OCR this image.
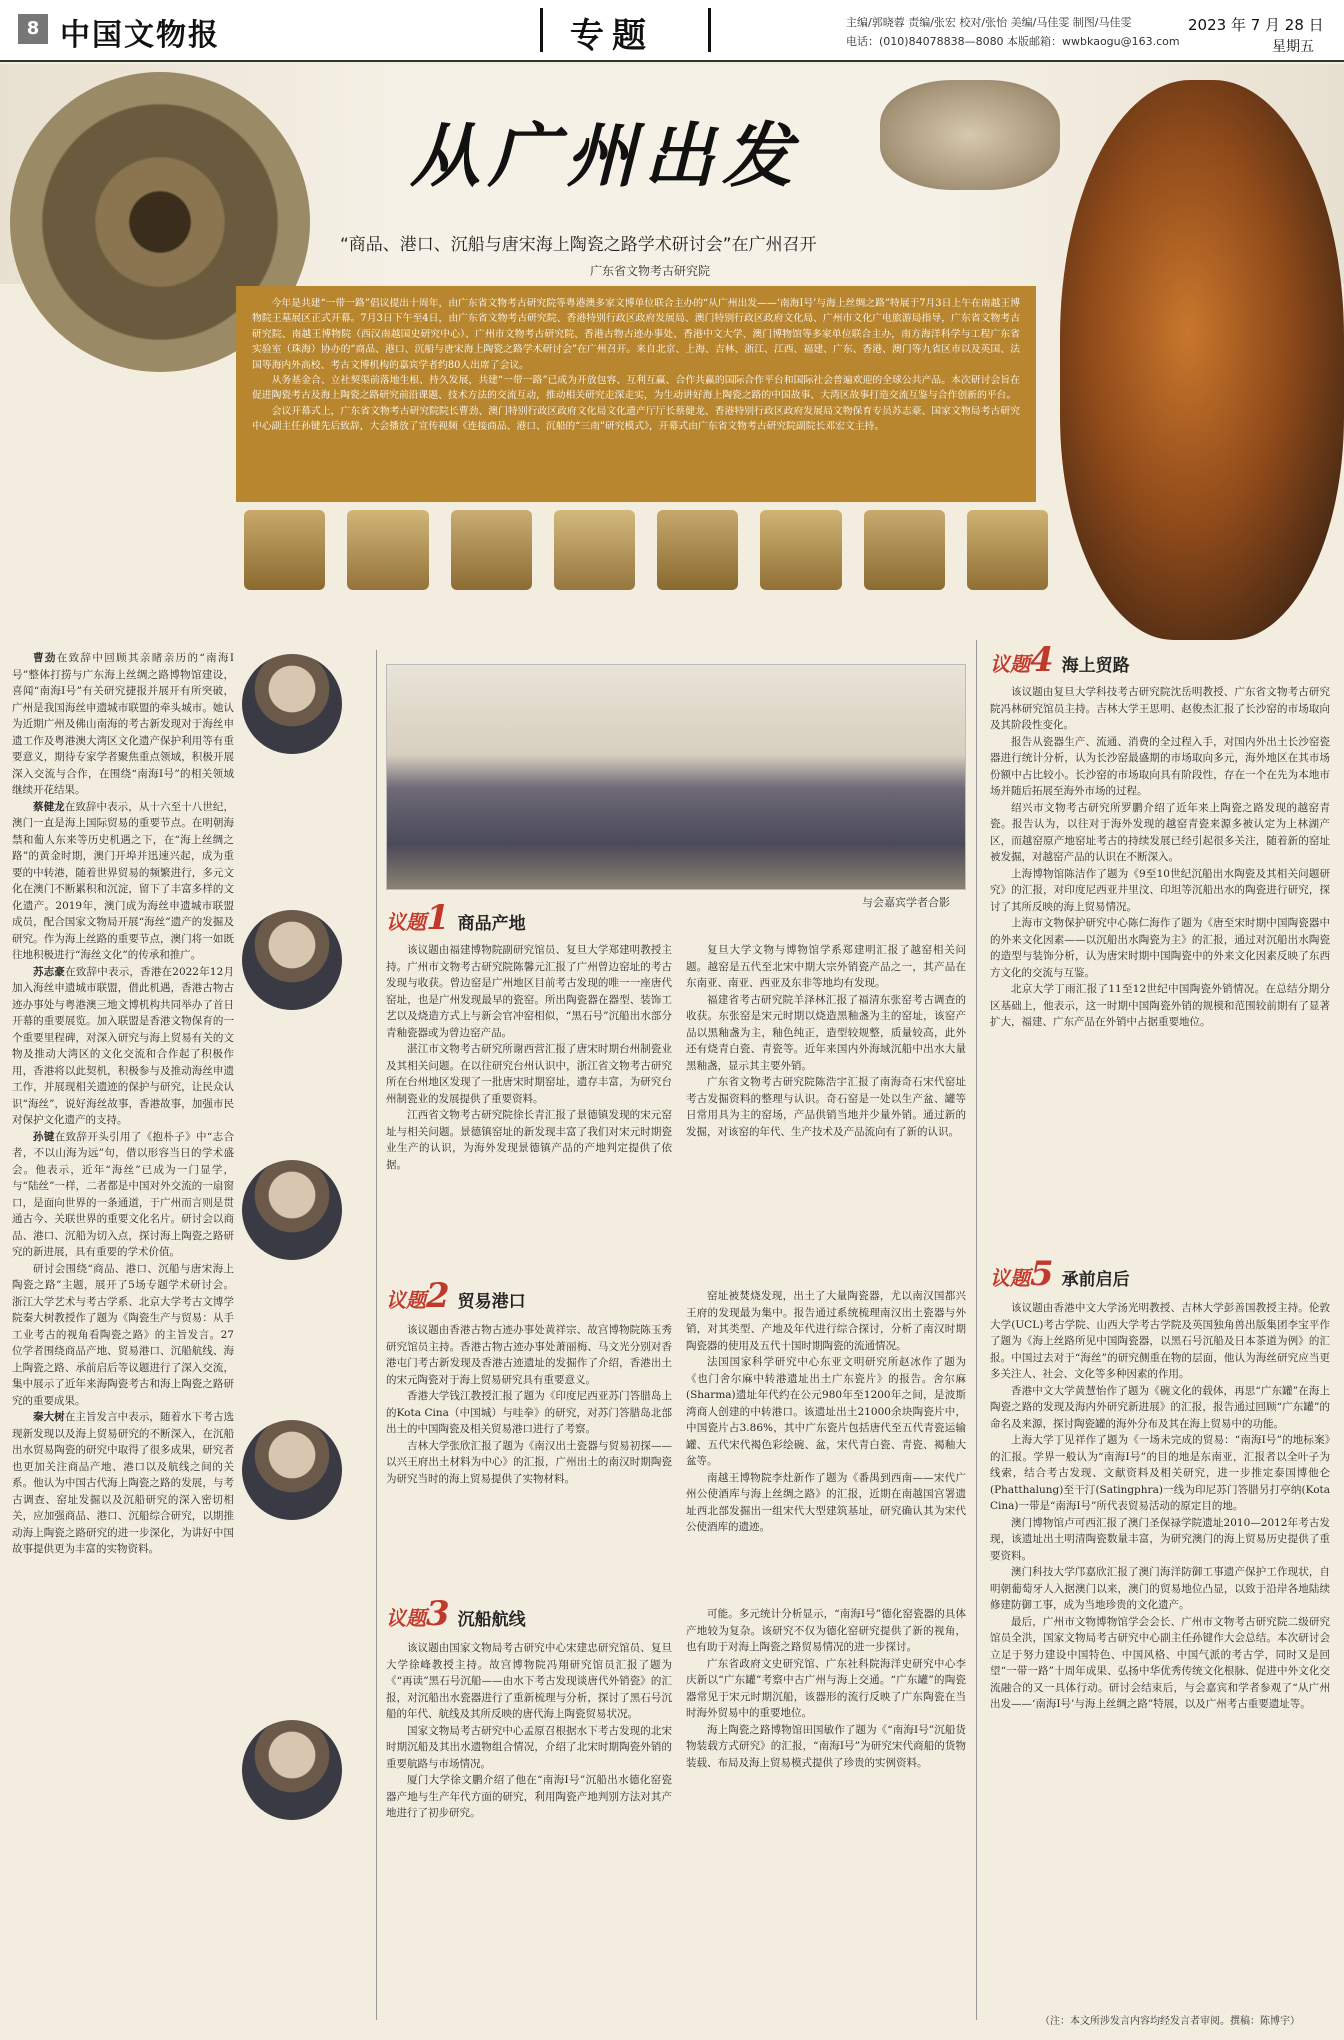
8 中国文物报	专题	主编/郭晓蓉 责编/张宏 校对/张怡 美编/马佳雯 制图/马佳雯
电话：(010)84078838—8080 本版邮箱：wwbkaogu@163.com
2023 年 7 月 28 日
星期五
从广州出发
“商品、港口、沉船与唐宋海上陶瓷之路学术研讨会”在广州召开
广东省文物考古研究院

今年是共建“一带一路”倡议提出十周年，由广东省文物考古研究院等粤港澳多家文博单位联合主办的“从广州出发——‘南海Ⅰ号’与海上丝绸之路”特展于7月3日上午在南越王博物院王墓展区正式开幕。7月3日下午至4日，由广东省文物考古研究院、香港特别行政区政府发展局、澳门特别行政区政府文化局、广州市文化广电旅游局指导，广东省文物考古研究院、南越王博物院（西汉南越国史研究中心）、广州市文物考古研究院、香港古物古迹办事处、香港中文大学、澳门博物馆等多家单位联合主办，南方海洋科学与工程广东省实验室（珠海）协办的“商品、港口、沉船与唐宋海上陶瓷之路学术研讨会”在广州召开。来自北京、上海、吉林、浙江、江西、福建、广东、香港、澳门等九省区市以及英国、法国等海内外高校、考古文博机构的嘉宾学者约80人出席了会议。

从务基金合、立社契渠前落地生根、持久发展，共建“一带一路”已成为开放包容、互利互赢、合作共赢的国际合作平台和国际社会普遍欢迎的全球公共产品。本次研讨会旨在促进陶瓷考古及海上陶瓷之路研究前沿课题、技术方法的交流互动，推动相关研究走深走实，为生动讲好海上陶瓷之路的中国故事、大湾区故事打造交流互鉴与合作创新的平台。

会议开幕式上，广东省文物考古研究院院长曹劲、澳门特别行政区政府文化局文化遗产厅厅长蔡健龙、香港特别行政区政府发展局文物保育专员苏志豪、国家文物局考古研究中心副主任孙键先后致辞，大会播放了宣传视频《连接商品、港口、沉船的“三南”研究模式》，开幕式由广东省文物考古研究院副院长邓宏文主持。

曹劲在致辞中回顾其亲睹亲历的“南海Ⅰ号”整体打捞与广东海上丝绸之路博物馆建设，喜闻“南海Ⅰ号”有关研究捷报并展开有所突破，广州是我国海丝申遗城市联盟的牵头城市。她认为近期广州及佛山南海的考古新发现对于海丝申遗工作及粤港澳大湾区文化遗产保护利用等有重要意义，期待专家学者聚焦重点领域，积极开展深入交流与合作，在围绕“南海Ⅰ号”的相关领域继续开花结果。

蔡健龙在致辞中表示，从十六至十八世纪，澳门一直是海上国际贸易的重要节点。在明朝海禁和葡人东来等历史机遇之下，在“海上丝绸之路”的黄金时期，澳门开埠并迅速兴起，成为重要的中转港，随着世界贸易的频繁进行，多元文化在澳门不断累积和沉淀，留下了丰富多样的文化遗产。2019年，澳门成为海丝申遗城市联盟成员，配合国家文物局开展“海丝”遗产的发掘及研究。作为海上丝路的重要节点，澳门将一如既往地积极进行“海丝文化”的传承和推广。

苏志豪在致辞中表示，香港在2022年12月加入海丝申遗城市联盟，借此机遇，香港古物古迹办事处与粤港澳三地文博机构共同举办了首日开幕的重要展览。加入联盟是香港文物保育的一个重要里程碑，对深入研究与海上贸易有关的文物及推动大湾区的文化交流和合作起了积极作用，香港将以此契机，积极参与及推动海丝申遗工作，并展现相关遗迹的保护与研究，让民众认识“海丝”，说好海丝故事，香港故事，加强市民对保护文化遗产的支持。

孙键在致辞开头引用了《抱朴子》中“志合者，不以山海为远”句，借以形容当日的学术盛会。他表示，近年“海丝”已成为一门显学，与“陆丝”一样，二者都是中国对外交流的一扇窗口，是面向世界的一条通道，于广州而言则是贯通古今、关联世界的重要文化名片。研讨会以商品、港口、沉船为切入点，探讨海上陶瓷之路研究的新进展，具有重要的学术价值。

研讨会围绕“商品、港口、沉船与唐宋海上陶瓷之路”主题，展开了5场专题学术研讨会。浙江大学艺术与考古学系、北京大学考古文博学院秦大树教授作了题为《陶瓷生产与贸易：从手工业考古的视角看陶瓷之路》的主旨发言。27位学者围绕商品产地、贸易港口、沉船航线、海上陶瓷之路、承前启后等议题进行了深入交流，集中展示了近年来海陶瓷考古和海上陶瓷之路研究的重要成果。

秦大树在主旨发言中表示，随着水下考古选现新发现以及海上贸易研究的不断深入，在沉船出水贸易陶瓷的研究中取得了很多成果，研究者也更加关注商品产地、港口以及航线之间的关系。他认为中国古代海上陶瓷之路的发展，与考古调查、窑址发掘以及沉船研究的深入密切相关，应加强商品、港口、沉船综合研究，以期推动海上陶瓷之路研究的进一步深化，为讲好中国故事提供更为丰富的实物资料。

与会嘉宾学者合影
议题1 商品产地

该议题由福建博物院副研究馆员、复旦大学郑建明教授主持。广州市文物考古研究院陈馨元汇报了广州曾边窑址的考古发现与收获。曾边窑是广州地区目前考古发现的唯一一座唐代窑址，也是广州发现最早的瓷窑。所出陶瓷器在器型、装饰工艺以及烧造方式上与新会官冲窑相似，“黑石号”沉船出水部分青釉瓷器或为曾边窑产品。

湛江市文物考古研究所谢西营汇报了唐宋时期台州制瓷业及其相关问题。在以往研究台州认识中，浙江省文物考古研究所在台州地区发现了一批唐宋时期窑址，遗存丰富，为研究台州制瓷业的发展提供了重要资料。

江西省文物考古研究院徐长青汇报了景德镇发现的宋元窑址与相关问题。景德镇窑址的新发现丰富了我们对宋元时期瓷业生产的认识，为海外发现景德镇产品的产地判定提供了依据。

复旦大学文物与博物馆学系郑建明汇报了越窑相关问题。越窑是五代至北宋中期大宗外销瓷产品之一，其产品在东南亚、南亚、西亚及东非等地均有发现。

福建省考古研究院羊泽林汇报了福清东张窑考古调查的收获。东张窑是宋元时期以烧造黑釉盏为主的窑址，该窑产品以黑釉盏为主，釉色纯正，造型较规整，质量较高，此外还有烧青白瓷、青瓷等。近年来国内外海域沉船中出水大量黑釉盏，显示其主要外销。

广东省文物考古研究院陈浩宇汇报了南海奇石宋代窑址考古发掘资料的整理与认识。奇石窑是一处以生产盆、罐等日常用具为主的窑场，产品供销当地并少量外销。通过新的发掘，对该窑的年代、生产技术及产品流向有了新的认识。

议题2 贸易港口

该议题由香港古物古迹办事处黄祥宗、故宫博物院陈玉秀研究馆员主持。香港古物古迹办事处萧丽梅、马文光分别对香港屯门考古新发现及香港古迹遗址的发掘作了介绍，香港出土的宋元陶瓷对于海上贸易研究具有重要意义。

香港大学钱江教授汇报了题为《印度尼西亚苏门答腊岛上的Kota Cina（中国城）与哇拳》的研究，对苏门答腊岛北部出土的中国陶瓷及相关贸易港口进行了考察。

吉林大学张欣汇报了题为《南汉出土瓷器与贸易初探——以兴王府出土材料为中心》的汇报，广州出土的南汉时期陶瓷为研究当时的海上贸易提供了实物材料。

窑址被焚烧发现，出土了大量陶瓷器，尤以南汉国都兴王府的发现最为集中。报告通过系统梳理南汉出土瓷器与外销，对其类型、产地及年代进行综合探讨，分析了南汉时期陶瓷器的使用及五代十国时期陶瓷的流通情况。

法国国家科学研究中心东亚文明研究所赵冰作了题为《也门舍尔麻中转港遗址出土广东瓷片》的报告。舍尔麻(Sharma)遗址年代约在公元980年至1200年之间，是波斯湾商人创建的中转港口。该遗址出土21000余块陶瓷片中，中国瓷片占3.86%，其中广东瓷片包括唐代至五代青瓷运输罐、五代宋代褐色彩绘碗、盆，宋代青白瓷、青瓷、褐釉大盆等。

南越王博物院李灶新作了题为《番禺到西南——宋代广州公使酒库与海上丝绸之路》的汇报，近期在南越国宫署遗址西北部发掘出一组宋代大型建筑基址，研究确认其为宋代公使酒库的遗迹。

议题3 沉船航线

该议题由国家文物局考古研究中心宋建忠研究馆员、复旦大学徐峰教授主持。故宫博物院冯翔研究馆员汇报了题为《“再读”黑石号沉船——由水下考古发现谈唐代外销瓷》的汇报，对沉船出水瓷器进行了重新梳理与分析，探讨了黑石号沉船的年代、航线及其所反映的唐代海上陶瓷贸易状况。

国家文物局考古研究中心孟原召根据水下考古发现的北宋时期沉船及其出水遗物组合情况，介绍了北宋时期陶瓷外销的重要航路与市场情况。

厦门大学徐文鹏介绍了他在“南海Ⅰ号”沉船出水德化窑瓷器产地与生产年代方面的研究，利用陶瓷产地判别方法对其产地进行了初步研究。

可能。多元统计分析显示，“南海Ⅰ号”德化窑瓷器的具体产地较为复杂。该研究不仅为德化窑研究提供了新的视角，也有助于对海上陶瓷之路贸易情况的进一步探讨。

广东省政府文史研究馆、广东社科院海洋史研究中心李庆新以“广东罐”考察中古广州与海上交通。“广东罐”的陶瓷器常见于宋元时期沉船，该器形的流行反映了广东陶瓷在当时海外贸易中的重要地位。

海上陶瓷之路博物馆田国敏作了题为《“南海Ⅰ号”沉船货物装载方式研究》的汇报，“南海Ⅰ号”为研究宋代商船的货物装载、布局及海上贸易模式提供了珍贵的实例资料。

议题4 海上贸路

该议题由复旦大学科技考古研究院沈岳明教授、广东省文物考古研究院冯林研究馆员主持。吉林大学王思明、赵俊杰汇报了长沙窑的市场取向及其阶段性变化。

报告从瓷器生产、流通、消费的全过程入手，对国内外出土长沙窑瓷器进行统计分析，认为长沙窑最盛期的市场取向多元，海外地区在其市场份额中占比较小。长沙窑的市场取向具有阶段性，存在一个在先为本地市场并随后拓展至海外市场的过程。

绍兴市文物考古研究所罗鹏介绍了近年来上陶瓷之路发现的越窑青瓷。报告认为，以往对于海外发现的越窑青瓷来源多被认定为上林湖产区，而越窑原产地窑址考古的持续发展已经引起很多关注，随着新的窑址被发掘，对越窑产品的认识在不断深入。

上海博物馆陈洁作了题为《9至10世纪沉船出水陶瓷及其相关问题研究》的汇报，对印度尼西亚井里汶、印坦等沉船出水的陶瓷进行研究，探讨了其所反映的海上贸易情况。

上海市文物保护研究中心陈仁海作了题为《唐至宋时期中国陶瓷器中的外来文化因素——以沉船出水陶瓷为主》的汇报，通过对沉船出水陶瓷的造型与装饰分析，认为唐宋时期中国陶瓷中的外来文化因素反映了东西方文化的交流与互鉴。

北京大学丁雨汇报了11至12世纪中国陶瓷外销情况。在总结分期分区基础上，他表示，这一时期中国陶瓷外销的规模和范围较前期有了显著扩大，福建、广东产品在外销中占据重要地位。

议题5 承前启后

该议题由香港中文大学汤光明教授、吉林大学彭善国教授主持。伦敦大学(UCL)考古学院、山西大学考古学院及英国独角兽出版集团李宝平作了题为《海上丝路所见中国陶瓷器，以黑石号沉船及日本茶道为例》的汇报。中国过去对于“海丝”的研究侧重在物的层面，他认为海丝研究应当更多关注人、社会、文化等多种因素的作用。

香港中文大学黄慧怡作了题为《碗文化的载体，再思“广东罐”在海上陶瓷之路的发现及海内外研究新进展》的汇报，报告通过回顾“广东罐”的命名及来源，探讨陶瓷罐的海外分布及其在海上贸易中的功能。

上海大学丁见祥作了题为《一场未完成的贸易：“南海Ⅰ号”的地标案》的汇报。学界一般认为“南海Ⅰ号”的目的地是东南亚，汇报者以全叶子为线索，结合考古发现、文献资料及相关研究，进一步推定泰国博他仑(Phatthalung)至干汀(Satingphra)一线为印尼苏门答腊另打亭纳(Kota Cina)一带是“南海Ⅰ号”所代表贸易活动的原定目的地。

澳门博物馆卢可西汇报了澳门圣保禄学院遗址2010—2012年考古发现，该遗址出土明清陶瓷数量丰富，为研究澳门的海上贸易历史提供了重要资料。

澳门科技大学邝嘉欣汇报了澳门海洋防御工事遗产保护工作现状，自明朝葡萄牙人入据澳门以来，澳门的贸易地位凸显，以致于沿岸各地陆续修建防御工事，成为当地珍贵的文化遗产。

最后，广州市文物博物馆学会会长、广州市文物考古研究院二级研究馆员全洪，国家文物局考古研究中心副主任孙键作大会总结。本次研讨会立足于努力建设中国特色、中国风格、中国气派的考古学，同时又是回望“一带一路”十周年成果、弘扬中华优秀传统文化根脉、促进中外文化交流融合的又一具体行动。研讨会结束后，与会嘉宾和学者参观了“从广州出发——‘南海Ⅰ号’与海上丝绸之路”特展，以及广州考古重要遗址等。

（注：本文所涉发言内容均经发言者审阅。撰稿：陈博宇）
